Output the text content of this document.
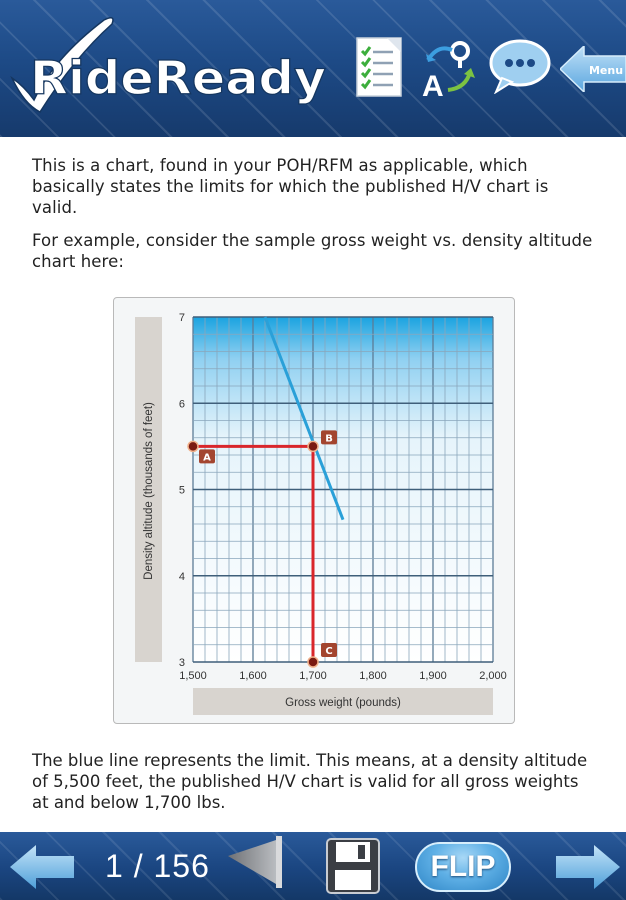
RideReady	A	Menu

This is a chart, found in your POH/RFM as applicable, which basically states the limits for which the published H/V chart is valid.

For example, consider the sample gross weight vs. density altitude chart here:

Density altitude (thousands of feet)
Gross weight (pounds)
1,500	1,600	1,700	1,800	1,900	2,000
3
4
5
6
7
A
B
C

The blue line represents the limit. This means, at a density altitude of 5,500 feet, the published H/V chart is valid for all gross weights at and below 1,700 lbs.

1 / 156	FLIP
